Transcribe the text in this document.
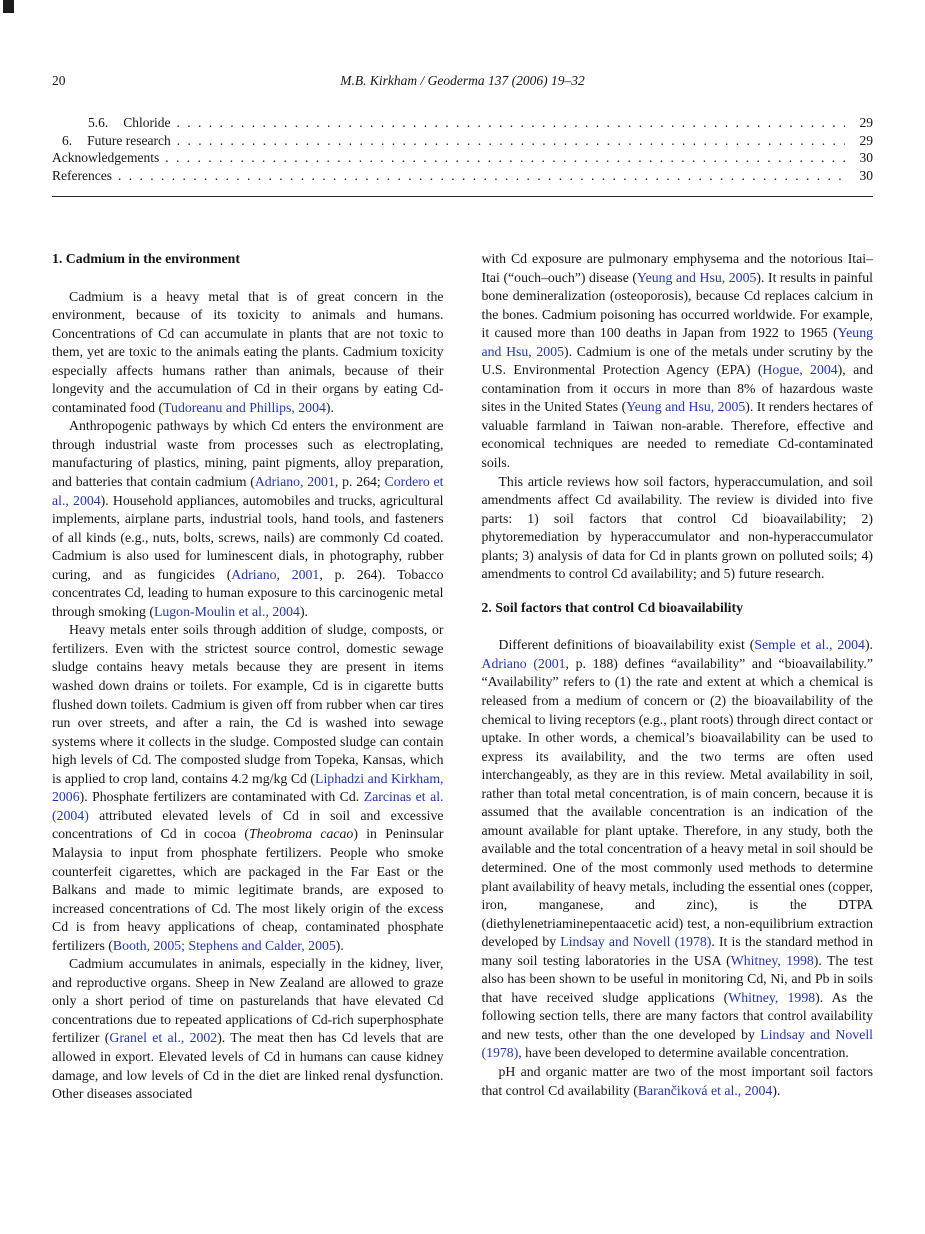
20	M.B. Kirkham / Geoderma 137 (2006) 19–32
5.6. Chloride . . .	29
6. Future research . . .	29
Acknowledgements . . .	30
References . . .	30
1. Cadmium in the environment

Cadmium is a heavy metal that is of great concern in the environment, because of its toxicity to animals and humans. Concentrations of Cd can accumulate in plants that are not toxic to them, yet are toxic to the animals eating the plants. Cadmium toxicity especially affects humans rather than animals, because of their longevity and the accumulation of Cd in their organs by eating Cd-contaminated food (Tudoreanu and Phillips, 2004).

Anthropogenic pathways by which Cd enters the environment are through industrial waste from processes such as electroplating, manufacturing of plastics, mining, paint pigments, alloy preparation, and batteries that contain cadmium (Adriano, 2001, p. 264; Cordero et al., 2004). Household appliances, automobiles and trucks, agricultural implements, airplane parts, industrial tools, hand tools, and fasteners of all kinds (e.g., nuts, bolts, screws, nails) are commonly Cd coated. Cadmium is also used for luminescent dials, in photography, rubber curing, and as fungicides (Adriano, 2001, p. 264). Tobacco concentrates Cd, leading to human exposure to this carcinogenic metal through smoking (Lugon-Moulin et al., 2004).

Heavy metals enter soils through addition of sludge, composts, or fertilizers. Even with the strictest source control, domestic sewage sludge contains heavy metals because they are present in items washed down drains or toilets. For example, Cd is in cigarette butts flushed down toilets. Cadmium is given off from rubber when car tires run over streets, and after a rain, the Cd is washed into sewage systems where it collects in the sludge. Composted sludge can contain high levels of Cd. The composted sludge from Topeka, Kansas, which is applied to crop land, contains 4.2 mg/kg Cd (Liphadzi and Kirkham, 2006). Phosphate fertilizers are contaminated with Cd. Zarcinas et al. (2004) attributed elevated levels of Cd in soil and excessive concentrations of Cd in cocoa (Theobroma cacao) in Peninsular Malaysia to input from phosphate fertilizers. People who smoke counterfeit cigarettes, which are packaged in the Far East or the Balkans and made to mimic legitimate brands, are exposed to increased concentrations of Cd. The most likely origin of the excess Cd is from heavy applications of cheap, contaminated phosphate fertilizers (Booth, 2005; Stephens and Calder, 2005).

Cadmium accumulates in animals, especially in the kidney, liver, and reproductive organs. Sheep in New Zealand are allowed to graze only a short period of time on pasturelands that have elevated Cd concentrations due to repeated applications of Cd-rich superphosphate fertilizer (Granel et al., 2002). The meat then has Cd levels that are allowed in export. Elevated levels of Cd in humans can cause kidney damage, and low levels of Cd in the diet are linked renal dysfunction. Other diseases associated

with Cd exposure are pulmonary emphysema and the notorious Itai–Itai (“ouch–ouch”) disease (Yeung and Hsu, 2005). It results in painful bone demineralization (osteoporosis), because Cd replaces calcium in the bones. Cadmium poisoning has occurred worldwide. For example, it caused more than 100 deaths in Japan from 1922 to 1965 (Yeung and Hsu, 2005). Cadmium is one of the metals under scrutiny by the U.S. Environmental Protection Agency (EPA) (Hogue, 2004), and contamination from it occurs in more than 8% of hazardous waste sites in the United States (Yeung and Hsu, 2005). It renders hectares of valuable farmland in Taiwan non-arable. Therefore, effective and economical techniques are needed to remediate Cd-contaminated soils.

This article reviews how soil factors, hyperaccumulation, and soil amendments affect Cd availability. The review is divided into five parts: 1) soil factors that control Cd bioavailability; 2) phytoremediation by hyperaccumulator and non-hyperaccumulator plants; 3) analysis of data for Cd in plants grown on polluted soils; 4) amendments to control Cd availability; and 5) future research.

2. Soil factors that control Cd bioavailability

Different definitions of bioavailability exist (Semple et al., 2004). Adriano (2001, p. 188) defines “availability” and “bioavailability.” “Availability” refers to (1) the rate and extent at which a chemical is released from a medium of concern or (2) the bioavailability of the chemical to living receptors (e.g., plant roots) through direct contact or uptake. In other words, a chemical’s bioavailability can be used to express its availability, and the two terms are often used interchangeably, as they are in this review. Metal availability in soil, rather than total metal concentration, is of main concern, because it is assumed that the available concentration is an indication of the amount available for plant uptake. Therefore, in any study, both the available and the total concentration of a heavy metal in soil should be determined. One of the most commonly used methods to determine plant availability of heavy metals, including the essential ones (copper, iron, manganese, and zinc), is the DTPA (diethylenetriaminepentaacetic acid) test, a non-equilibrium extraction developed by Lindsay and Novell (1978). It is the standard method in many soil testing laboratories in the USA (Whitney, 1998). The test also has been shown to be useful in monitoring Cd, Ni, and Pb in soils that have received sludge applications (Whitney, 1998). As the following section tells, there are many factors that control availability and new tests, other than the one developed by Lindsay and Novell (1978), have been developed to determine available concentration.

pH and organic matter are two of the most important soil factors that control Cd availability (Barančiková et al., 2004).
